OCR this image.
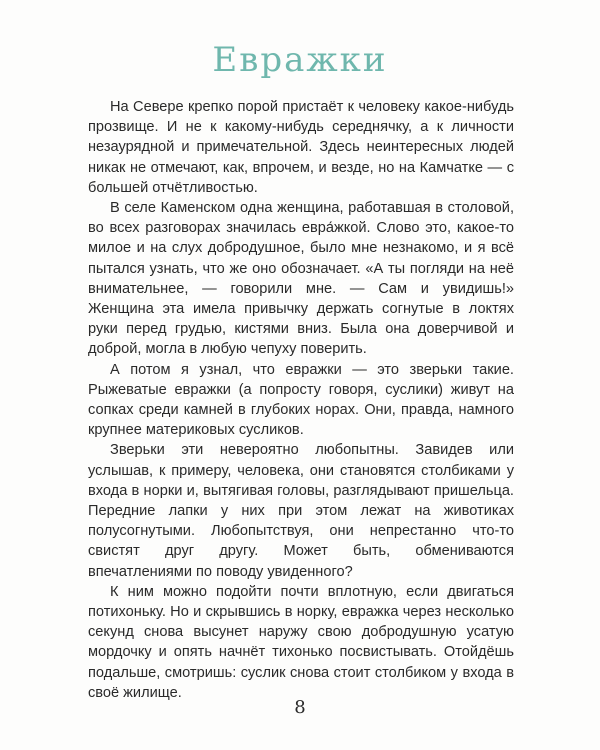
Евражки

На Севере крепко порой пристаёт к человеку какое-нибудь прозвище. И не к какому-нибудь середнячку, а к личности незаурядной и примечательной. Здесь неинтересных людей никак не отмечают, как, впрочем, и везде, но на Камчатке — с большей отчётливостью.

В селе Каменском одна женщина, работавшая в столовой, во всех разговорах значилась евра́жкой. Слово это, какое-то милое и на слух добродушное, было мне незнакомо, и я всё пытался узнать, что же оно обозначает. «А ты погляди на неё внимательнее, — говорили мне. — Сам и увидишь!» Женщина эта имела привычку держать согнутые в локтях руки перед грудью, кистями вниз. Была она доверчивой и доброй, могла в любую чепуху поверить.

А потом я узнал, что евражки — это зверьки такие. Рыжеватые евражки (а попросту говоря, суслики) живут на сопках среди камней в глубоких норах. Они, правда, намного крупнее материковых сусликов.

Зверьки эти невероятно любопытны. Завидев или услышав, к примеру, человека, они становятся столбиками у входа в норки и, вытягивая головы, разглядывают пришельца. Передние лапки у них при этом лежат на животиках полусогнутыми. Любопытствуя, они непрестанно что-то свистят друг другу. Может быть, обмениваются впечатлениями по поводу увиденного?

К ним можно подойти почти вплотную, если двигаться потихоньку. Но и скрывшись в норку, евражка через несколько секунд снова высунет наружу свою добродушную усатую мордочку и опять начнёт тихонько посвистывать. Отойдёшь подальше, смотришь: суслик снова стоит столбиком у входа в своё жилище.

8
